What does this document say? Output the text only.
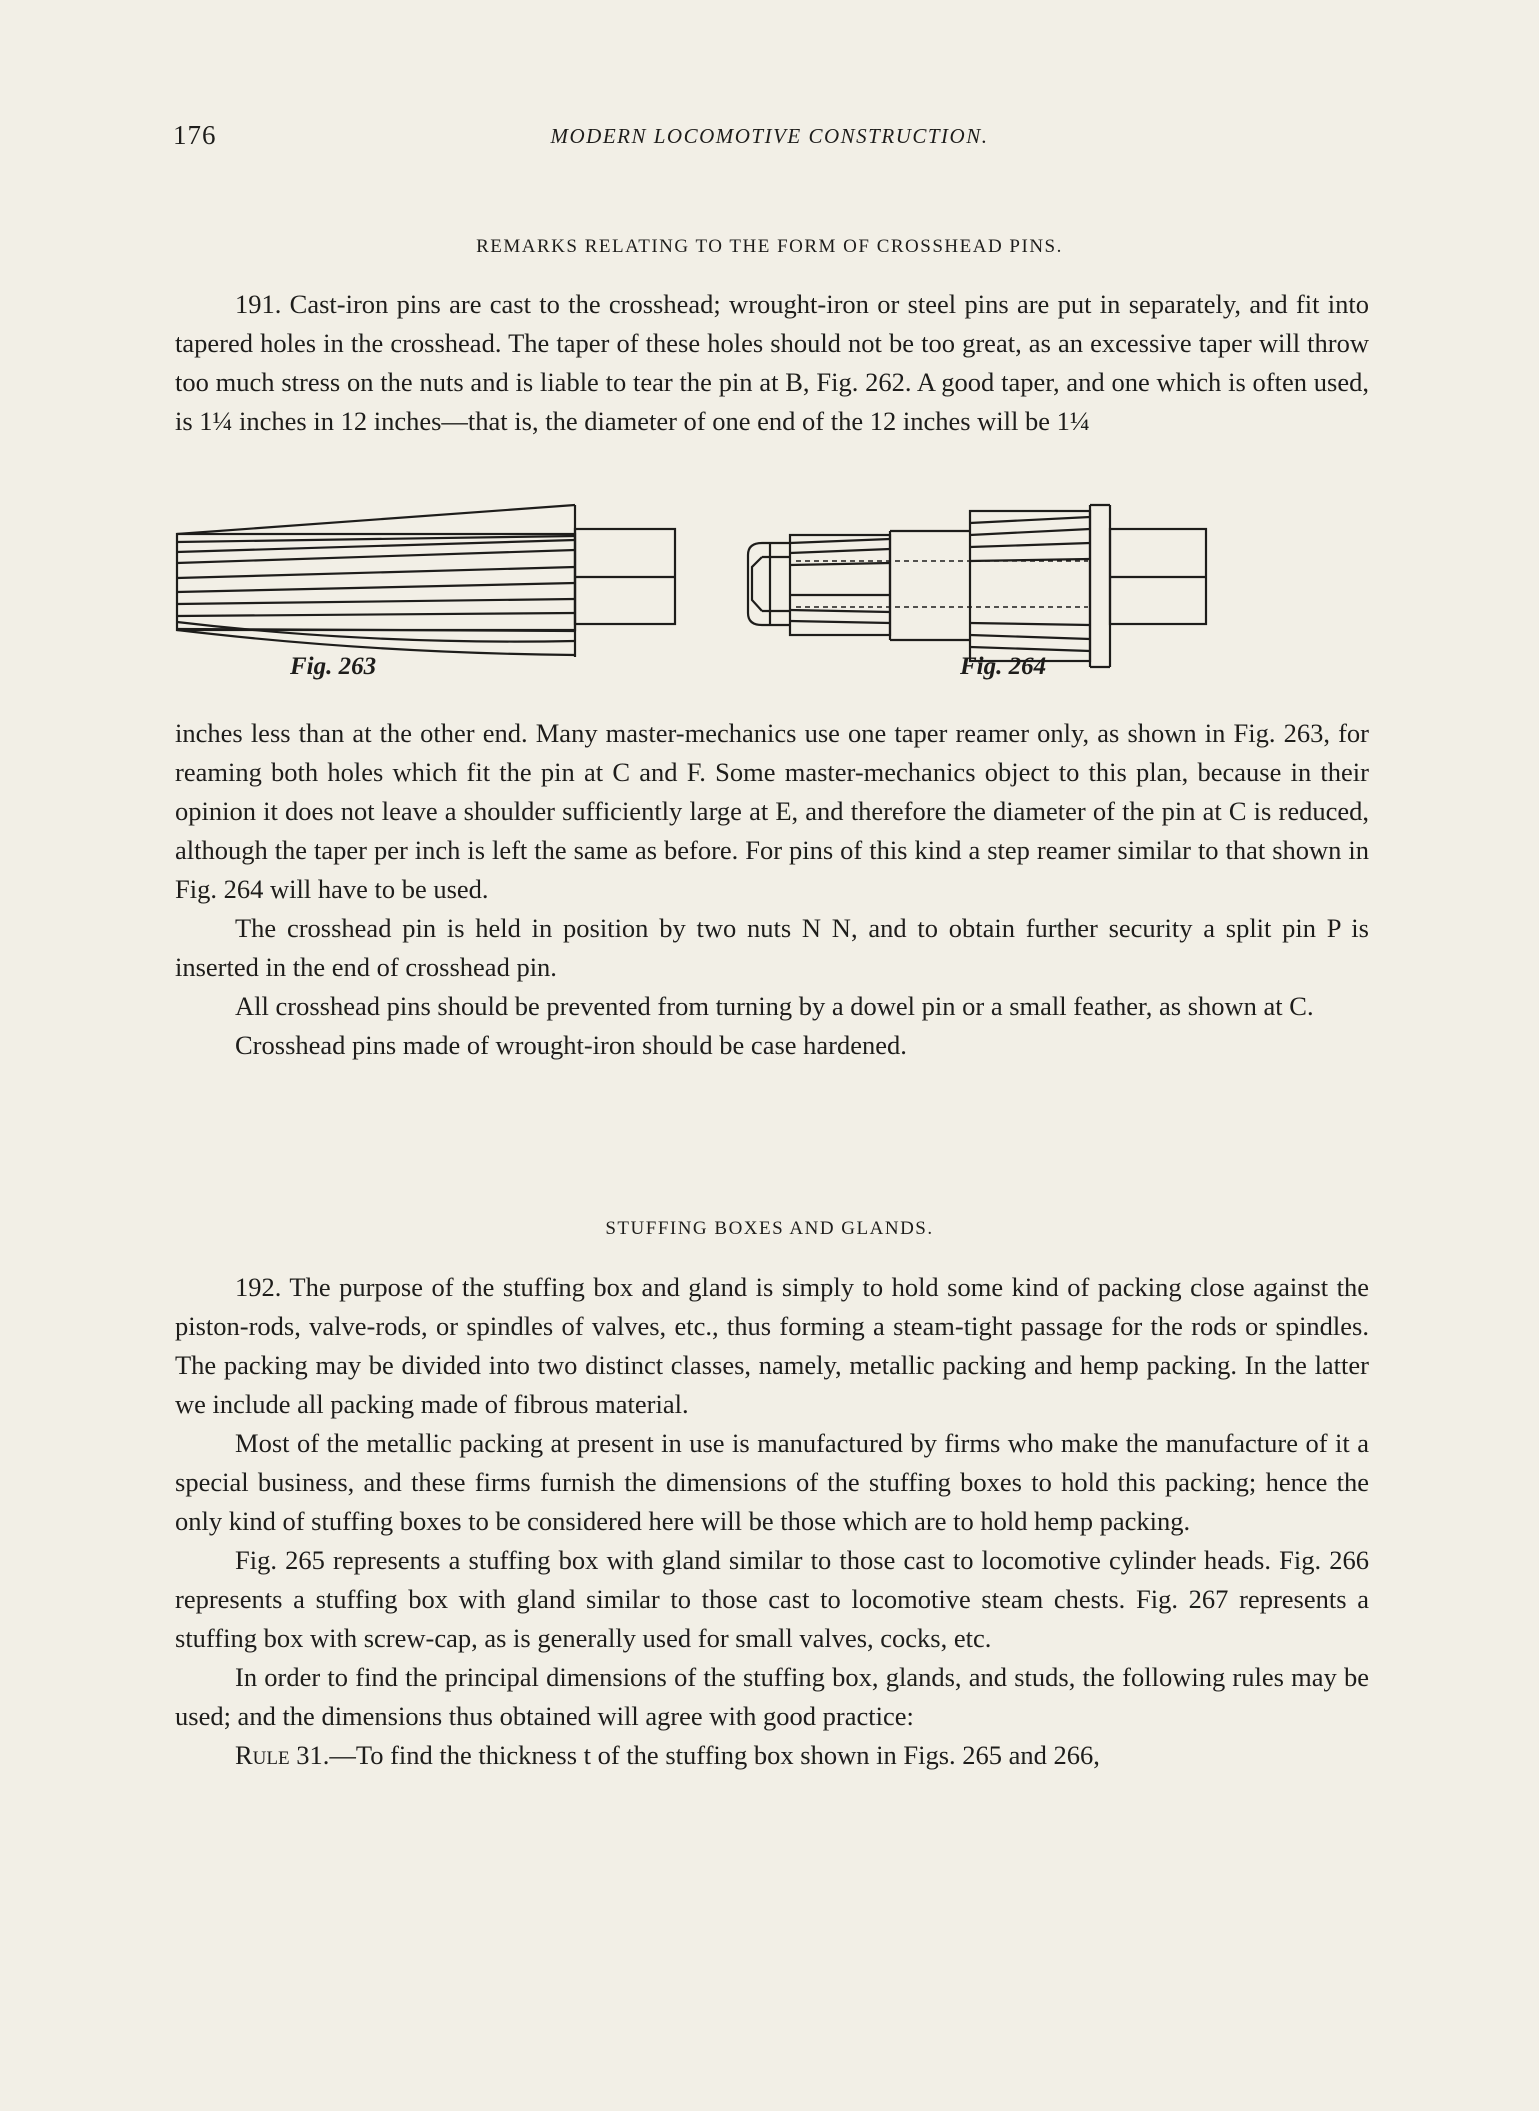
176	MODERN LOCOMOTIVE CONSTRUCTION.
REMARKS RELATING TO THE FORM OF CROSSHEAD PINS.

191. Cast-iron pins are cast to the crosshead; wrought-iron or steel pins are put in separately, and fit into tapered holes in the crosshead. The taper of these holes should not be too great, as an excessive taper will throw too much stress on the nuts and is liable to tear the pin at B, Fig. 262. A good taper, and one which is often used, is 1¼ inches in 12 inches—that is, the diameter of one end of the 12 inches will be 1¼

Fig. 263	Fig. 264

inches less than at the other end. Many master-mechanics use one taper reamer only, as shown in Fig. 263, for reaming both holes which fit the pin at C and F. Some master-mechanics object to this plan, because in their opinion it does not leave a shoulder sufficiently large at E, and therefore the diameter of the pin at C is reduced, although the taper per inch is left the same as before. For pins of this kind a step reamer similar to that shown in Fig. 264 will have to be used.

The crosshead pin is held in position by two nuts N N, and to obtain further security a split pin P is inserted in the end of crosshead pin.

All crosshead pins should be prevented from turning by a dowel pin or a small feather, as shown at C.

Crosshead pins made of wrought-iron should be case hardened.

STUFFING BOXES AND GLANDS.

192. The purpose of the stuffing box and gland is simply to hold some kind of packing close against the piston-rods, valve-rods, or spindles of valves, etc., thus forming a steam-tight passage for the rods or spindles. The packing may be divided into two distinct classes, namely, metallic packing and hemp packing. In the latter we include all packing made of fibrous material.

Most of the metallic packing at present in use is manufactured by firms who make the manufacture of it a special business, and these firms furnish the dimensions of the stuffing boxes to hold this packing; hence the only kind of stuffing boxes to be considered here will be those which are to hold hemp packing.

Fig. 265 represents a stuffing box with gland similar to those cast to locomotive cylinder heads. Fig. 266 represents a stuffing box with gland similar to those cast to locomotive steam chests. Fig. 267 represents a stuffing box with screw-cap, as is generally used for small valves, cocks, etc.

In order to find the principal dimensions of the stuffing box, glands, and studs, the following rules may be used; and the dimensions thus obtained will agree with good practice:

Rule 31.—To find the thickness t of the stuffing box shown in Figs. 265 and 266,
